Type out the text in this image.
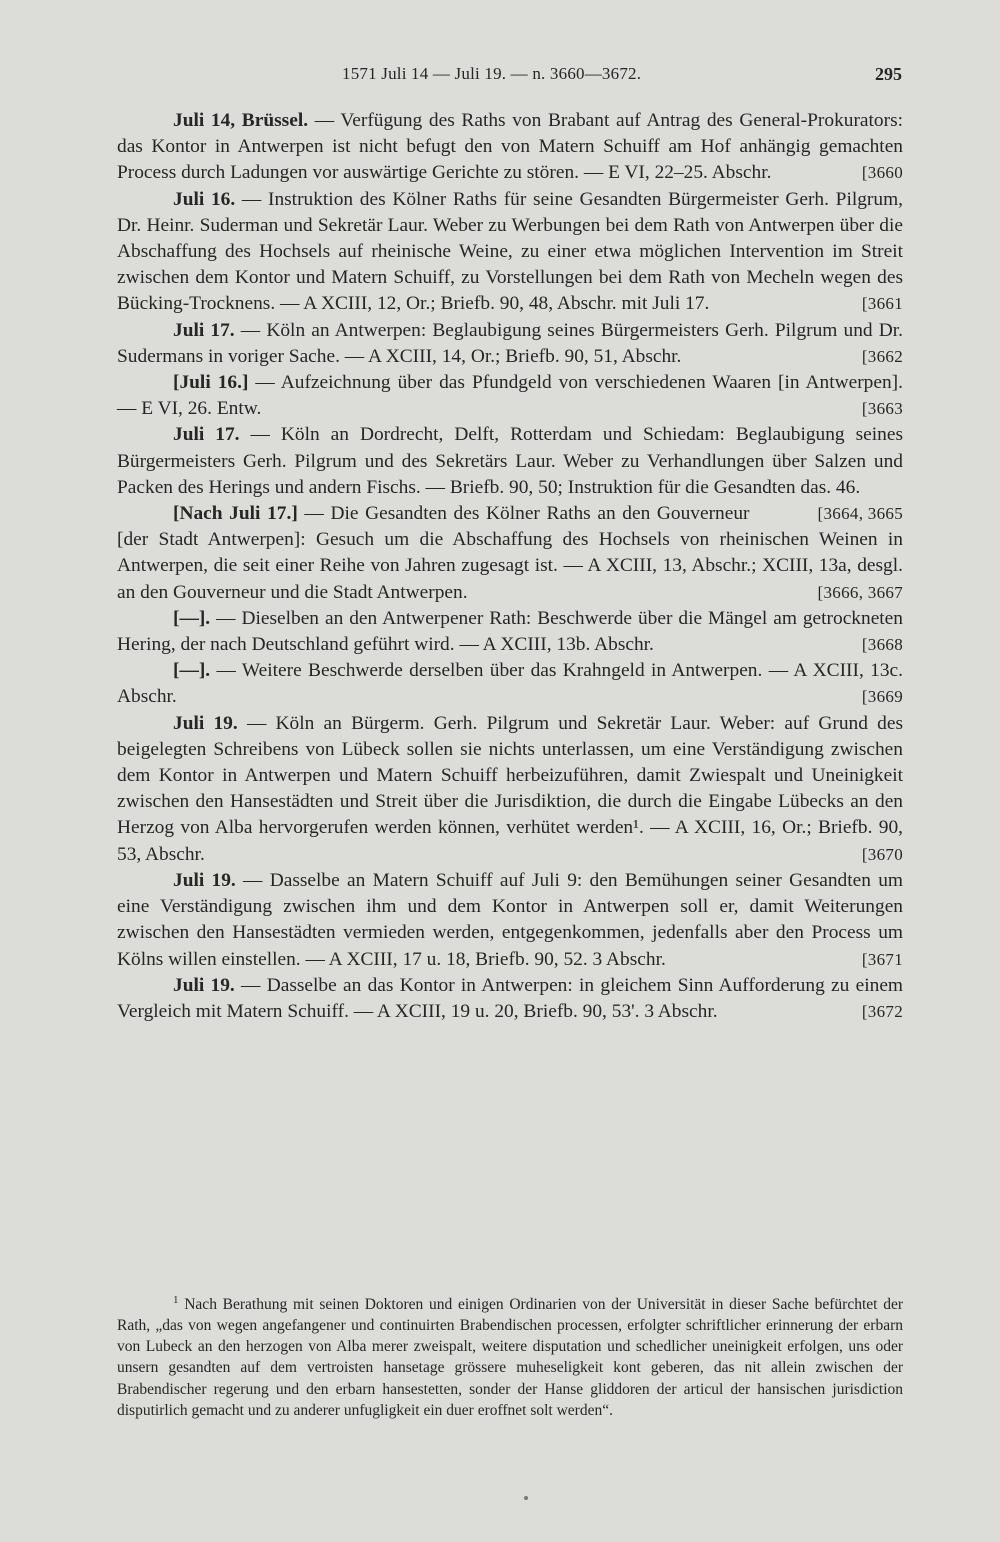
1571 Juli 14 — Juli 19. — n. 3660—3672.	295

Juli 14, Brüssel. — Verfügung des Raths von Brabant auf Antrag des General-Prokurators: das Kontor in Antwerpen ist nicht befugt den von Matern Schuiff am Hof anhängig gemachten Process durch Ladungen vor auswärtige Gerichte zu stören. — E VI, 22–25. Abschr.	[3660

Juli 16. — Instruktion des Kölner Raths für seine Gesandten Bürgermeister Gerh. Pilgrum, Dr. Heinr. Suderman und Sekretär Laur. Weber zu Werbungen bei dem Rath von Antwerpen über die Abschaffung des Hochsels auf rheinische Weine, zu einer etwa möglichen Intervention im Streit zwischen dem Kontor und Matern Schuiff, zu Vorstellungen bei dem Rath von Mecheln wegen des Bücking-Trocknens. — A XCIII, 12, Or.; Briefb. 90, 48, Abschr. mit Juli 17.	[3661

Juli 17. — Köln an Antwerpen: Beglaubigung seines Bürgermeisters Gerh. Pilgrum und Dr. Sudermans in voriger Sache. — A XCIII, 14, Or.; Briefb. 90, 51, Abschr.	[3662

[Juli 16.] — Aufzeichnung über das Pfundgeld von verschiedenen Waaren [in Antwerpen]. — E VI, 26. Entw.	[3663

Juli 17. — Köln an Dordrecht, Delft, Rotterdam und Schiedam: Beglaubigung seines Bürgermeisters Gerh. Pilgrum und des Sekretärs Laur. Weber zu Verhandlungen über Salzen und Packen des Herings und andern Fischs. — Briefb. 90, 50; Instruktion für die Gesandten das. 46.
[3664, 3665

[Nach Juli 17.] — Die Gesandten des Kölner Raths an den Gouverneur [der Stadt Antwerpen]: Gesuch um die Abschaffung des Hochsels von rheinischen Weinen in Antwerpen, die seit einer Reihe von Jahren zugesagt ist. — A XCIII, 13, Abschr.; XCIII, 13a, desgl. an den Gouverneur und die Stadt Antwerpen.	[3666, 3667

[—]. — Dieselben an den Antwerpener Rath: Beschwerde über die Mängel am getrockneten Hering, der nach Deutschland geführt wird. — A XCIII, 13b. Abschr.	[3668

[—]. — Weitere Beschwerde derselben über das Krahngeld in Antwerpen. — A XCIII, 13c. Abschr.	[3669

Juli 19. — Köln an Bürgerm. Gerh. Pilgrum und Sekretär Laur. Weber: auf Grund des beigelegten Schreibens von Lübeck sollen sie nichts unterlassen, um eine Verständigung zwischen dem Kontor in Antwerpen und Matern Schuiff herbeizuführen, damit Zwiespalt und Uneinigkeit zwischen den Hansestädten und Streit über die Jurisdiktion, die durch die Eingabe Lübecks an den Herzog von Alba hervorgerufen werden können, verhütet werden¹. — A XCIII, 16, Or.; Briefb. 90, 53, Abschr.	[3670

Juli 19. — Dasselbe an Matern Schuiff auf Juli 9: den Bemühungen seiner Gesandten um eine Verständigung zwischen ihm und dem Kontor in Antwerpen soll er, damit Weiterungen zwischen den Hansestädten vermieden werden, entgegenkommen, jedenfalls aber den Process um Kölns willen einstellen. — A XCIII, 17 u. 18, Briefb. 90, 52. 3 Abschr.	[3671

Juli 19. — Dasselbe an das Kontor in Antwerpen: in gleichem Sinn Aufforderung zu einem Vergleich mit Matern Schuiff. — A XCIII, 19 u. 20, Briefb. 90, 53'. 3 Abschr.	[3672

$^1$ Nach Berathung mit seinen Doktoren und einigen Ordinarien von der Universität in dieser Sache befürchtet der Rath, „das von wegen angefangener und continuirten Brabendischen processen, erfolgter schriftlicher erinnerung der erbarn von Lubeck an den herzogen von Alba merer zweispalt, weitere disputation und schedlicher uneinigkeit erfolgen, uns oder unsern gesandten auf dem vertroisten hansetage grössere muheseligkeit kont geberen, das nit allein zwischen der Brabendischer regerung und den erbarn hansestetten, sonder der Hanse gliddoren der articul der hansischen jurisdiction disputirlich gemacht und zu anderer unfugligkeit ein duer eroffnet solt werden“.
